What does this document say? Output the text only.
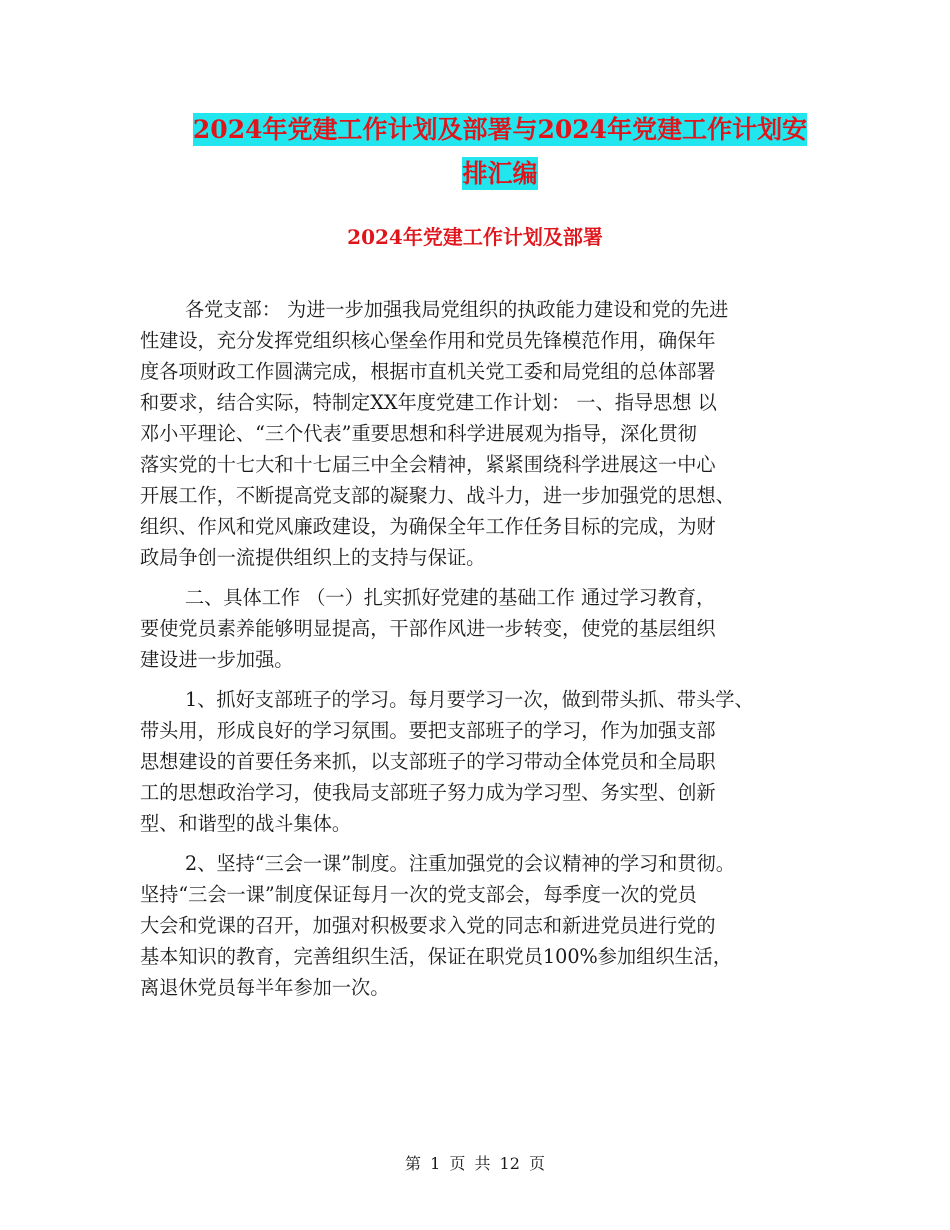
2024年党建工作计划及部署与2024年党建工作计划安
排汇编
2024年党建工作计划及部署
各党支部： 为进一步加强我局党组织的执政能力建设和党的先进
性建设，充分发挥党组织核心堡垒作用和党员先锋模范作用，确保年
度各项财政工作圆满完成，根据市直机关党工委和局党组的总体部署
和要求，结合实际，特制定XX年度党建工作计划： 一、指导思想 以
邓小平理论、“三个代表”重要思想和科学进展观为指导，深化贯彻
落实党的十七大和十七届三中全会精神，紧紧围绕科学进展这一中心
开展工作，不断提高党支部的凝聚力、战斗力，进一步加强党的思想、
组织、作风和党风廉政建设，为确保全年工作任务目标的完成，为财
政局争创一流提供组织上的支持与保证。
二、具体工作 （一）扎实抓好党建的基础工作 通过学习教育，
要使党员素养能够明显提高，干部作风进一步转变，使党的基层组织
建设进一步加强。
1、抓好支部班子的学习。每月要学习一次，做到带头抓、带头学、
带头用，形成良好的学习氛围。要把支部班子的学习，作为加强支部
思想建设的首要任务来抓，以支部班子的学习带动全体党员和全局职
工的思想政治学习，使我局支部班子努力成为学习型、务实型、创新
型、和谐型的战斗集体。
2、坚持“三会一课”制度。注重加强党的会议精神的学习和贯彻。
坚持“三会一课”制度保证每月一次的党支部会，每季度一次的党员
大会和党课的召开，加强对积极要求入党的同志和新进党员进行党的
基本知识的教育，完善组织生活，保证在职党员100%参加组织生活，
离退休党员每半年参加一次。
第 1 页 共 12 页
